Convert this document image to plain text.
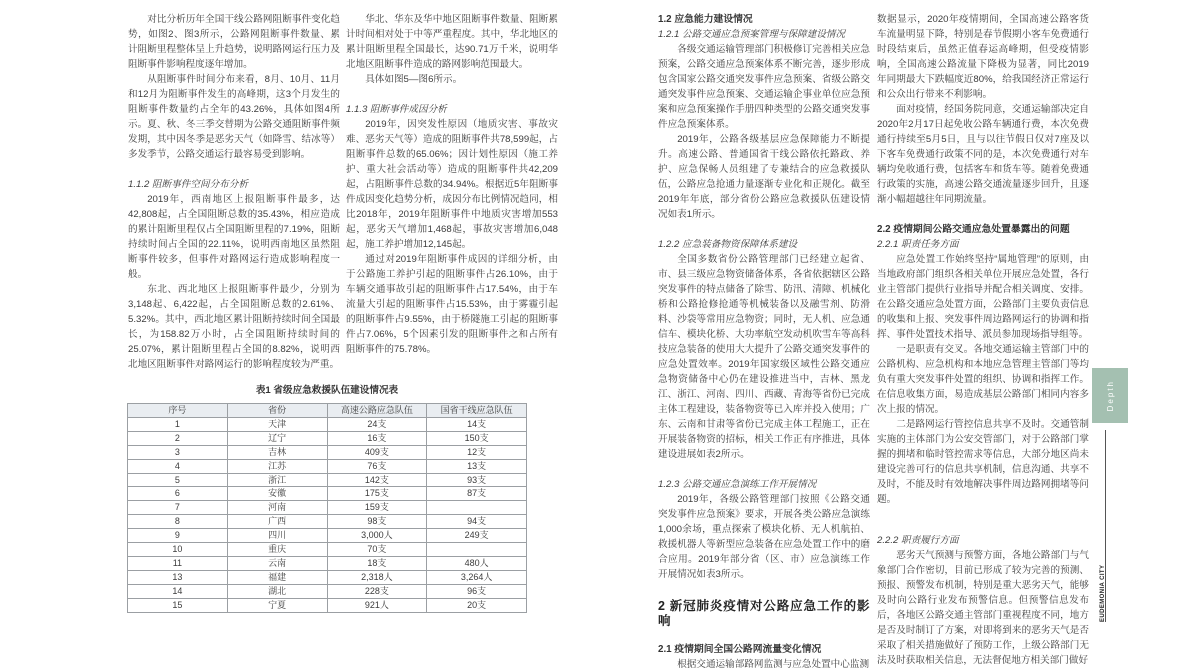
对比分析历年全国干线公路网阻断事件变化趋势，如图2、图3所示，公路网阻断事件数量、累计阻断里程整体呈上升趋势，说明路网运行压力及阻断事件影响程度逐年增加。

从阻断事件时间分布来看，8月、10月、11月和12月为阻断事件发生的高峰期，这3个月发生的阻断事件数量约占全年的43.26%，具体如图4所示。夏、秋、冬三季交替期为公路交通阻断事件频发期，其中因冬季是恶劣天气（如降雪、结冰等）多发季节，公路交通运行最容易受到影响。

1.1.2 阻断事件空间分布分析

2019年，西南地区上报阻断事件最多，达42,808起，占全国阻断总数的35.43%，相应造成的累计阻断里程仅占全国阻断里程的7.19%，阻断持续时间占全国的22.11%，说明西南地区虽然阻断事件较多，但事件对路网运行造成影响程度一般。

东北、西北地区上报阻断事件最少，分别为3,148起、6,422起，占全国阻断总数的2.61%、5.32%。其中，西北地区累计阻断持续时间全国最长，为158.82万小时，占全国阻断持续时间的25.07%，累计阻断里程占全国的8.82%，说明西北地区阻断事件对路网运行的影响程度较为严重。

华北、华东及华中地区阻断事件数量、阻断累计时间相对处于中等严重程度。其中，华北地区的累计阻断里程全国最长，达90.71万千米，说明华北地区阻断事件造成的路网影响范围最大。

具体如图5—图6所示。

1.1.3 阻断事件成因分析

2019年，因突发性原因（地质灾害、事故灾难、恶劣天气等）造成的阻断事件共78,599起，占阻断事件总数的65.06%；因计划性原因（施工养护、重大社会活动等）造成的阻断事件共42,209起，占阻断事件总数的34.94%。根据近5年阻断事件成因变化趋势分析，成因分布比例情况趋同，相比2018年，2019年阻断事件中地质灾害增加553起，恶劣天气增加1,468起，事故灾害增加6,048起，施工养护增加12,145起。

通过对2019年阻断事件成因的详细分析，由于公路施工养护引起的阻断事件占26.10%，由于车辆交通事故引起的阻断事件占17.54%，由于车流量大引起的阻断事件占15.53%，由于雾霾引起的阻断事件占9.55%，由于桥隧施工引起的阻断事件占7.06%，5个因素引发的阻断事件之和占所有阻断事件的75.78%。

表1 省级应急救援队伍建设情况表
序号	省份	高速公路应急队伍	国省干线应急队伍
1	天津	24支	14支
2	辽宁	16支	150支
3	吉林	409支	12支
4	江苏	76支	13支
5	浙江	142支	93支
6	安徽	175支	87支
7	河南	159支	
8	广西	98支	94支
9	四川	3,000人	249支
10	重庆	70支	
11	云南	18支	480人
13	福建	2,318人	3,264人
14	湖北	228支	96支
15	宁夏	921人	20支
1.2 应急能力建设情况
1.2.1 公路交通应急预案管理与保障建设情况

各级交通运输管理部门积极修订完善相关应急预案，公路交通应急预案体系不断完善，逐步形成包含国家公路交通突发事件应急预案、省级公路交通突发事件应急预案、交通运输企事业单位应急预案和应急预案操作手册四种类型的公路交通突发事件应急预案体系。

2019年，公路各级基层应急保障能力不断提升。高速公路、普通国省干线公路依托路政、养护、应急保畅人员组建了专兼结合的应急救援队伍，公路应急抢通力量逐渐专业化和正规化。截至2019年年底，部分省份公路应急救援队伍建设情况如表1所示。

1.2.2 应急装备物资保障体系建设

全国多数省份公路管理部门已经建立起省、市、县三级应急物资储备体系，各省依据辖区公路突发事件的特点储备了除雪、防汛、清障、机械化桥和公路抢修抢通等机械装备以及融雪剂、防滑料、沙袋等常用应急物资；同时，无人机、应急通信车、模块化桥、大功率航空发动机吹雪车等高科技应急装备的使用大大提升了公路交通突发事件的应急处置效率。2019年国家级区域性公路交通应急物资储备中心仍在建设推进当中，吉林、黑龙江、浙江、河南、四川、西藏、青海等省份已完成主体工程建设，装备物资等已入库并投入使用；广东、云南和甘肃等省份已完成主体工程施工，正在开展装备物资的招标，相关工作正有序推进，具体建设进展如表2所示。

1.2.3 公路交通应急演练工作开展情况

2019年，各级公路管理部门按照《公路交通突发事件应急预案》要求，开展各类公路应急演练1,000余场，重点探索了模块化桥、无人机航拍、救援机器人等新型应急装备在应急处置工作中的磨合应用。2019年部分省（区、市）应急演练工作开展情况如表3所示。

2 新冠肺炎疫情对公路应急工作的影响
2.1 疫情期间全国公路网流量变化情况

根据交通运输部路网监测与应急处置中心监测

数据显示，2020年疫情期间，全国高速公路客货车流量明显下降，特别是春节假期小客车免费通行时段结束后，虽然正值春运高峰期，但受疫情影响，全国高速公路流量下降极为显著，同比2019年同期最大下跌幅度近80%，给我国经济正常运行和公众出行带来不利影响。

面对疫情，经国务院同意，交通运输部决定自2020年2月17日起免收公路车辆通行费，本次免费通行持续至5月5日，且与以往节假日仅对7座及以下客车免费通行政策不同的是，本次免费通行对车辆均免收通行费，包括客车和货车等。随着免费通行政策的实施，高速公路交通流量逐步回升，且逐渐小幅超越往年同期流量。

2.2 疫情期间公路交通应急处置暴露出的问题
2.2.1 职责任务方面

应急处置工作始终坚持“属地管理”的原则，由当地政府部门组织各相关单位开展应急处置，各行业主管部门提供行业指导并配合相关调度、安排。在公路交通应急处置方面，公路部门主要负责信息的收集和上报、突发事件周边路网运行的协调和指挥、事件处置技术指导、派员参加现场指导组等。

一是职责有交叉。各地交通运输主管部门中的公路机构、应急机构和本地应急管理主管部门等均负有重大突发事件处置的组织、协调和指挥工作。在信息收集方面，易造成基层公路部门相同内容多次上报的情况。

二是路网运行管控信息共享不及时。交通管制实施的主体部门为公安交管部门，对于公路部门掌握的拥堵和临时管控需求等信息，大部分地区尚未建设完善可行的信息共享机制，信息沟通、共享不及时，不能及时有效地解决事件周边路网拥堵等问题。

2.2.2 职责履行方面

恶劣天气预测与预警方面，各地公路部门与气象部门合作密切，目前已形成了较为完善的预测、预报、预警发布机制，特别是重大恶劣天气，能够及时向公路行业发布预警信息。但预警信息发布后，各地区公路交通主管部门重视程度不同，地方是否及时制订了方案，对即将到来的恶劣天气是否采取了相关措施做好了预防工作，上级公路部门无法及时获取相关信息，无法督促地方相关部门做好

Depth
EUDEMONIA CITY
